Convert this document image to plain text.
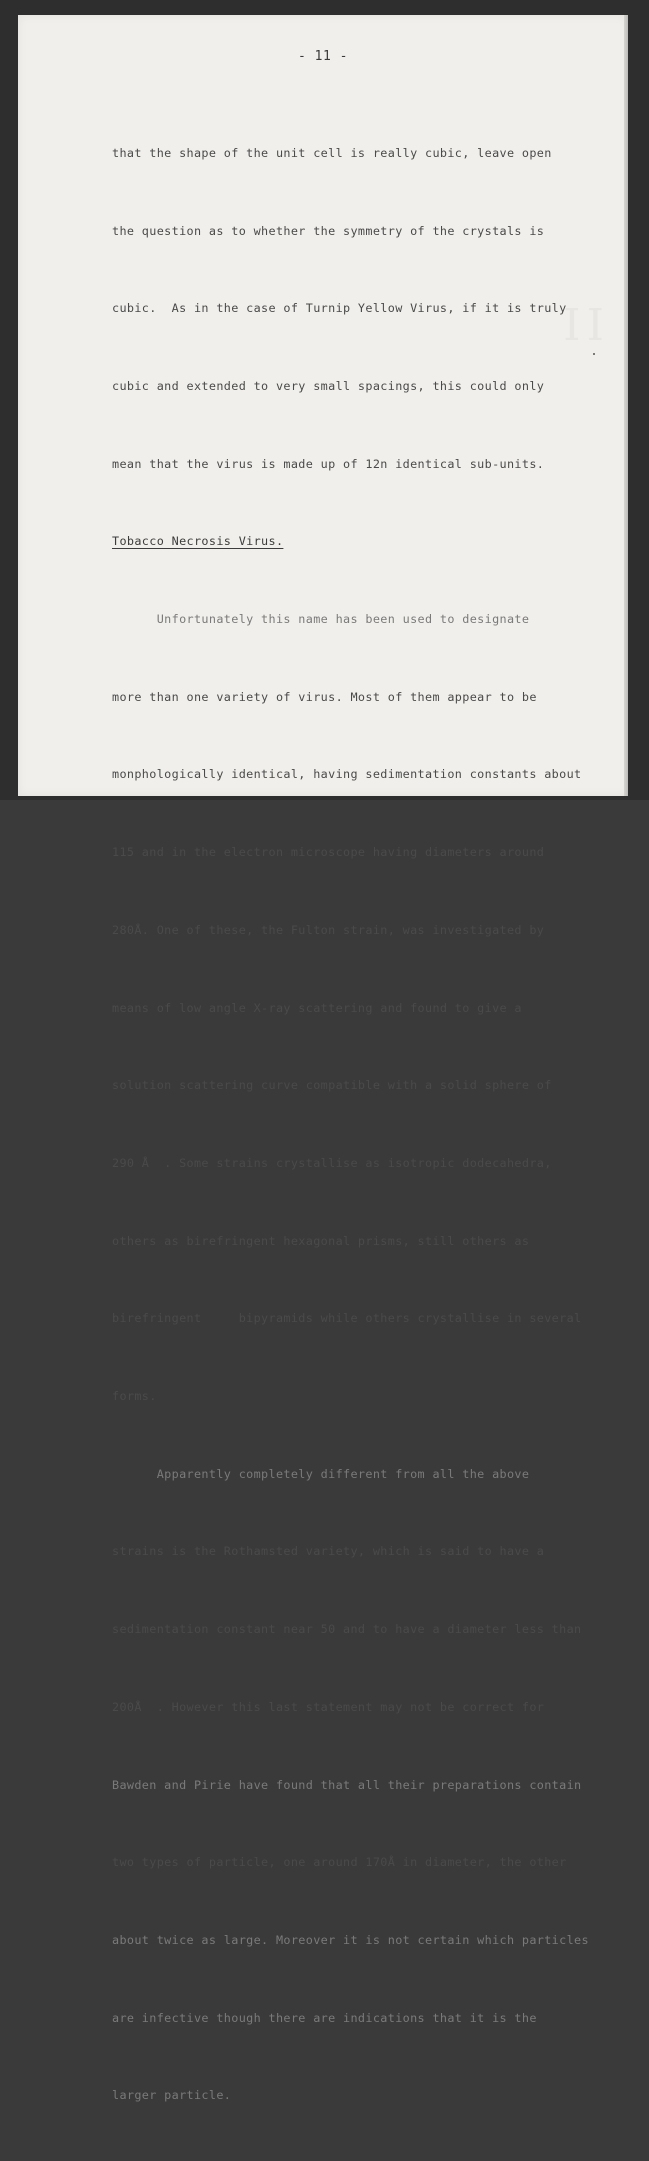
- 11 -

that the shape of the unit cell is really cubic, leave open

the question as to whether the symmetry of the crystals is

cubic.  As in the case of Turnip Yellow Virus, if it is truly

cubic and extended to very small spacings, this could only

mean that the virus is made up of 12n identical sub-units.

Tobacco Necrosis Virus.

Unfortunately this name has been used to designate

more than one variety of virus. Most of them appear to be

monphologically identical, having sedimentation constants about

115 and in the electron microscope having diameters around

280Å. One of these, the Fulton strain, was investigated by

means of low angle X-ray scattering and found to give a

solution scattering curve compatible with a solid sphere of

290 Å  . Some strains crystallise as isotropic dodecahedra,

others as birefringent hexagonal prisms, still others as

birefringent     bipyramids while others crystallise in several

forms.

Apparently completely different from all the above

strains is the Rothamsted variety, which is said to have a

sedimentation constant near 50 and to have a diameter less than

200Å  . However this last statement may not be correct for

Bawden and Pirie have found that all their preparations contain

two types of particle, one around 170Å in diameter, the other

about twice as large. Moreover it is not certain which particles

are infective though there are indications that it is the

larger particle.
